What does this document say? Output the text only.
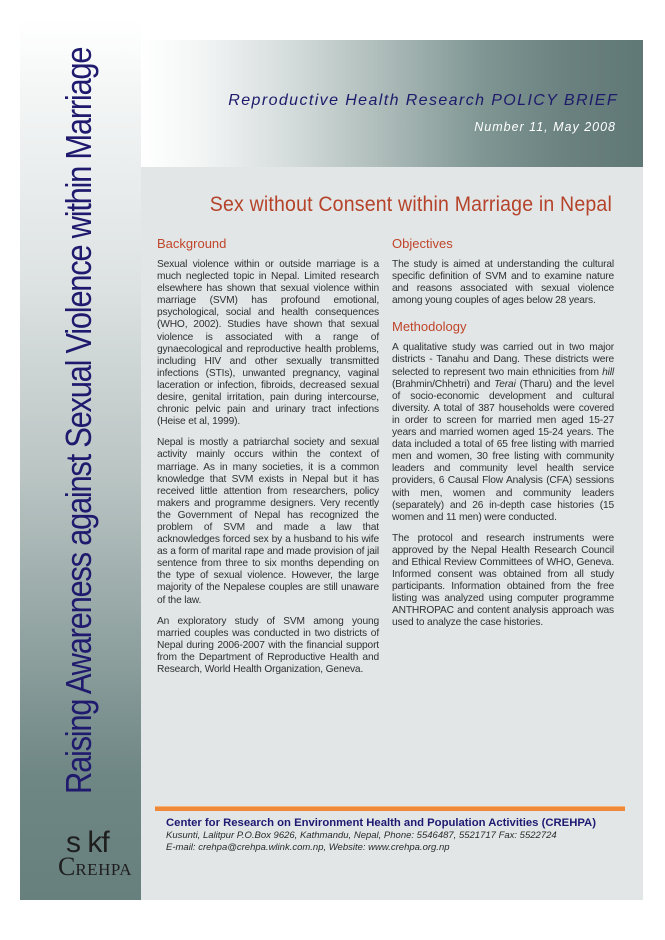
Raising Awareness against Sexual Violence within Marriage
s kf
CREHPA
Reproductive Health Research POLICY BRIEF
Number 11, May 2008
Sex without Consent within Marriage in Nepal
Background

Sexual violence within or outside marriage is a much neglected topic in Nepal. Limited research elsewhere has shown that sexual violence within marriage (SVM) has profound emotional, psychological, social and health consequences (WHO, 2002). Studies have shown that sexual violence is associated with a range of gynaecological and reproductive health problems, including HIV and other sexually transmitted infections (STIs), unwanted pregnancy, vaginal laceration or infection, fibroids, decreased sexual desire, genital irritation, pain during intercourse, chronic pelvic pain and urinary tract infections (Heise et al, 1999).

Nepal is mostly a patriarchal society and sexual activity mainly occurs within the context of marriage. As in many societies, it is a common knowledge that SVM exists in Nepal but it has received little attention from researchers, policy makers and programme designers. Very recently the Government of Nepal has recognized the problem of SVM and made a law that acknowledges forced sex by a husband to his wife as a form of marital rape and made provision of jail sentence from three to six months depending on the type of sexual violence. However, the large majority of the Nepalese couples are still unaware of the law.

An exploratory study of SVM among young married couples was conducted in two districts of Nepal during 2006-2007 with the financial support from the Department of Reproductive Health and Research, World Health Organization, Geneva.

Objectives

The study is aimed at understanding the cultural specific definition of SVM and to examine nature and reasons associated with sexual violence among young couples of ages below 28 years.

Methodology

A qualitative study was carried out in two major districts - Tanahu and Dang. These districts were selected to represent two main ethnicities from hill (Brahmin/Chhetri) and Terai (Tharu) and the level of socio-economic development and cultural diversity. A total of 387 households were covered in order to screen for married men aged 15-27 years and married women aged 15-24 years. The data included a total of 65 free listing with married men and women, 30 free listing with community leaders and community level health service providers, 6 Causal Flow Analysis (CFA) sessions with men, women and community leaders (separately) and 26 in-depth case histories (15 women and 11 men) were conducted.

The protocol and research instruments were approved by the Nepal Health Research Council and Ethical Review Committees of WHO, Geneva. Informed consent was obtained from all study participants. Information obtained from the free listing was analyzed using computer programme ANTHROPAC and content analysis approach was used to analyze the case histories.

Center for Research on Environment Health and Population Activities (CREHPA)
Kusunti, Lalitpur P.O.Box 9626, Kathmandu, Nepal, Phone: 5546487, 5521717 Fax: 5522724
E-mail: crehpa@crehpa.wlink.com.np, Website: www.crehpa.org.np
